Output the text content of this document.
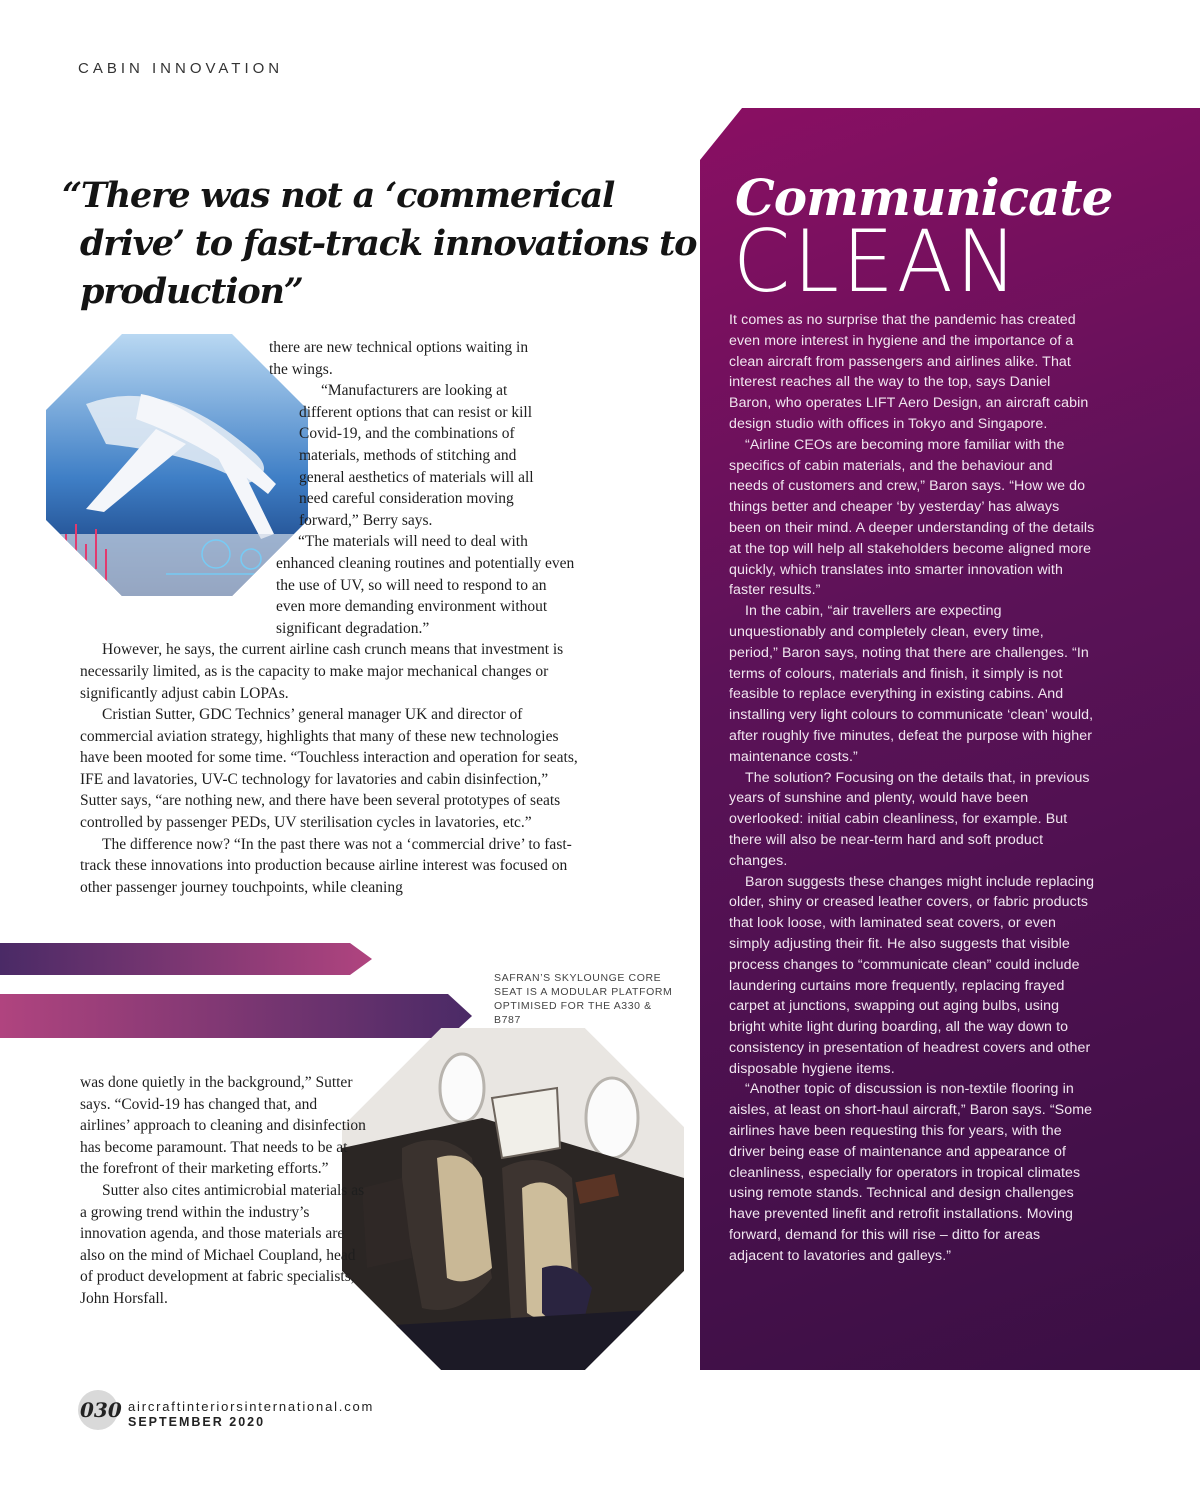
CABIN INNOVATION

“There was not a ‘commerical drive’ to fast-track innovations to production”

there are new technical options waiting in the wings.

“Manufacturers are looking at different options that can resist or kill Covid-19, and the combinations of materials, methods of stitching and general aesthetics of materials will all need careful consideration moving forward,” Berry says.

“The materials will need to deal with enhanced cleaning routines and potentially even the use of UV, so will need to respond to an even more demanding environment without significant degradation.”

However, he says, the current airline cash crunch means that investment is necessarily limited, as is the capacity to make major mechanical changes or significantly adjust cabin LOPAs.

Cristian Sutter, GDC Technics’ general manager UK and director of commercial aviation strategy, highlights that many of these new technologies have been mooted for some time. “Touchless interaction and operation for seats, IFE and lavatories, UV-C technology for lavatories and cabin disinfection,” Sutter says, “are nothing new, and there have been several prototypes of seats controlled by passenger PEDs, UV sterilisation cycles in lavatories, etc.”

The difference now? “In the past there was not a ‘commercial drive’ to fast-track these innovations into production because airline interest was focused on other passenger journey touchpoints, while cleaning

SAFRAN’S SKYLOUNGE CORE SEAT IS A MODULAR PLATFORM OPTIMISED FOR THE A330 & B787

was done quietly in the background,” Sutter says. “Covid-19 has changed that, and airlines’ approach to cleaning and disinfection has become paramount. That needs to be at the forefront of their marketing efforts.”

Sutter also cites antimicrobial materials as a growing trend within the industry’s innovation agenda, and those materials are also on the mind of Michael Coupland, head of product development at fabric specialists, John Horsfall.

Communicate
CLEAN

It comes as no surprise that the pandemic has created even more interest in hygiene and the importance of a clean aircraft from passengers and airlines alike. That interest reaches all the way to the top, says Daniel Baron, who operates LIFT Aero Design, an aircraft cabin design studio with offices in Tokyo and Singapore.

“Airline CEOs are becoming more familiar with the specifics of cabin materials, and the behaviour and needs of customers and crew,” Baron says. “How we do things better and cheaper ‘by yesterday’ has always been on their mind. A deeper understanding of the details at the top will help all stakeholders become aligned more quickly, which translates into smarter innovation with faster results.”

In the cabin, “air travellers are expecting unquestionably and completely clean, every time, period,” Baron says, noting that there are challenges. “In terms of colours, materials and finish, it simply is not feasible to replace everything in existing cabins. And installing very light colours to communicate ‘clean’ would, after roughly five minutes, defeat the purpose with higher maintenance costs.”

The solution? Focusing on the details that, in previous years of sunshine and plenty, would have been overlooked: initial cabin cleanliness, for example. But there will also be near-term hard and soft product changes.

Baron suggests these changes might include replacing older, shiny or creased leather covers, or fabric products that look loose, with laminated seat covers, or even simply adjusting their fit. He also suggests that visible process changes to “communicate clean” could include laundering curtains more frequently, replacing frayed carpet at junctions, swapping out aging bulbs, using bright white light during boarding, all the way down to consistency in presentation of headrest covers and other disposable hygiene items.

“Another topic of discussion is non-textile flooring in aisles, at least on short-haul aircraft,” Baron says. “Some airlines have been requesting this for years, with the driver being ease of maintenance and appearance of cleanliness, especially for operators in tropical climates using remote stands. Technical and design challenges have prevented linefit and retrofit installations. Moving forward, demand for this will rise – ditto for areas adjacent to lavatories and galleys.”

030 aircraftinteriorsinternational.com
SEPTEMBER 2020
